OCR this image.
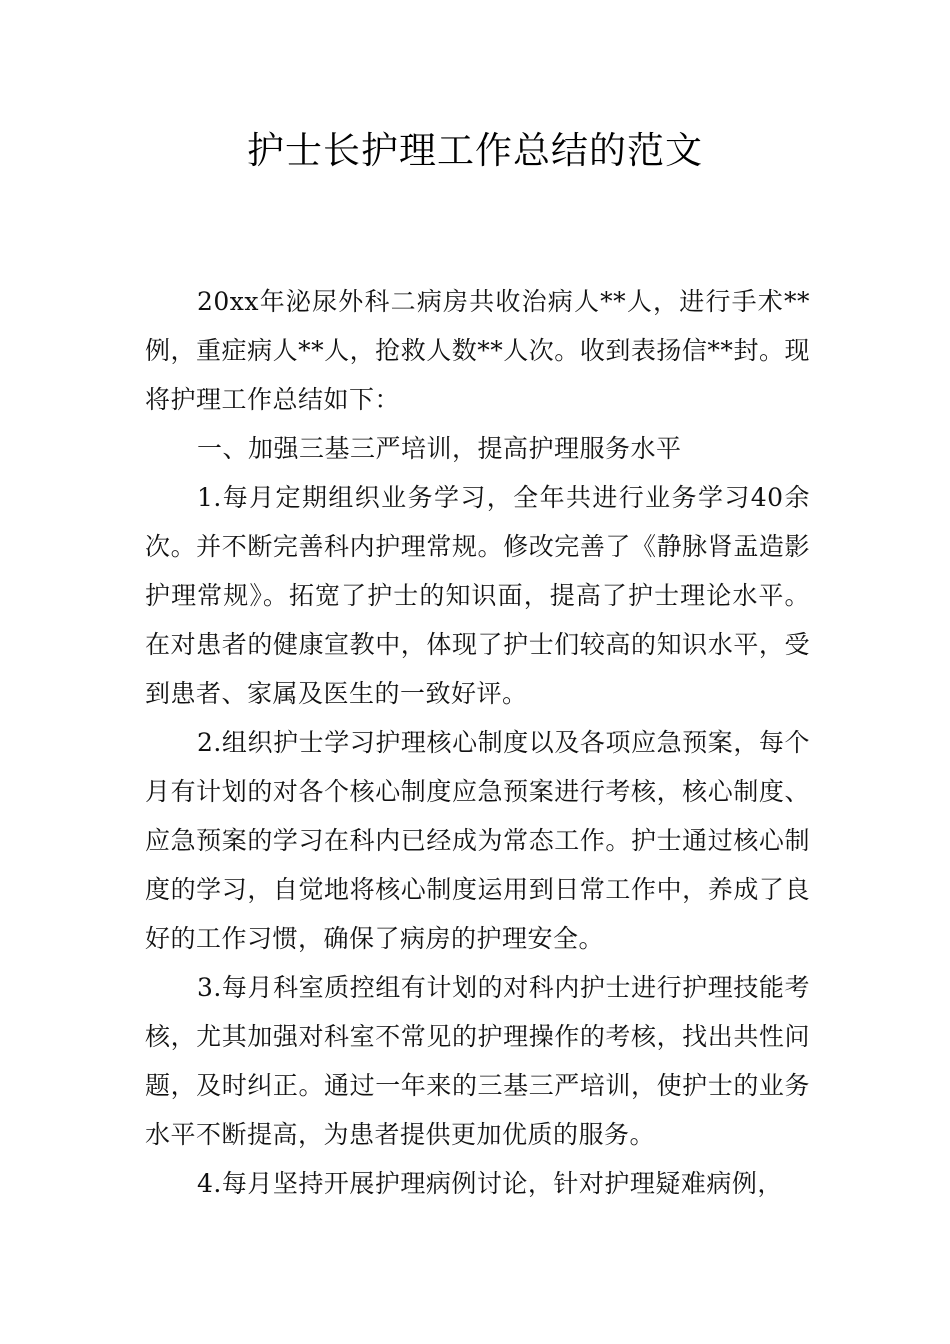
护士长护理工作总结的范文

20xx年泌尿外科二病房共收治病人**人，进行手术**例，重症病人**人，抢救人数**人次。收到表扬信**封。现将护理工作总结如下：

一、加强三基三严培训，提高护理服务水平

1.每月定期组织业务学习，全年共进行业务学习40余次。并不断完善科内护理常规。修改完善了《静脉肾盂造影护理常规》。拓宽了护士的知识面，提高了护士理论水平。在对患者的健康宣教中，体现了护士们较高的知识水平，受到患者、家属及医生的一致好评。

2.组织护士学习护理核心制度以及各项应急预案，每个月有计划的对各个核心制度应急预案进行考核，核心制度、应急预案的学习在科内已经成为常态工作。护士通过核心制度的学习，自觉地将核心制度运用到日常工作中，养成了良好的工作习惯，确保了病房的护理安全。

3.每月科室质控组有计划的对科内护士进行护理技能考核，尤其加强对科室不常见的护理操作的考核，找出共性问题，及时纠正。通过一年来的三基三严培训，使护士的业务水平不断提高，为患者提供更加优质的服务。

4.每月坚持开展护理病例讨论，针对护理疑难病例，
